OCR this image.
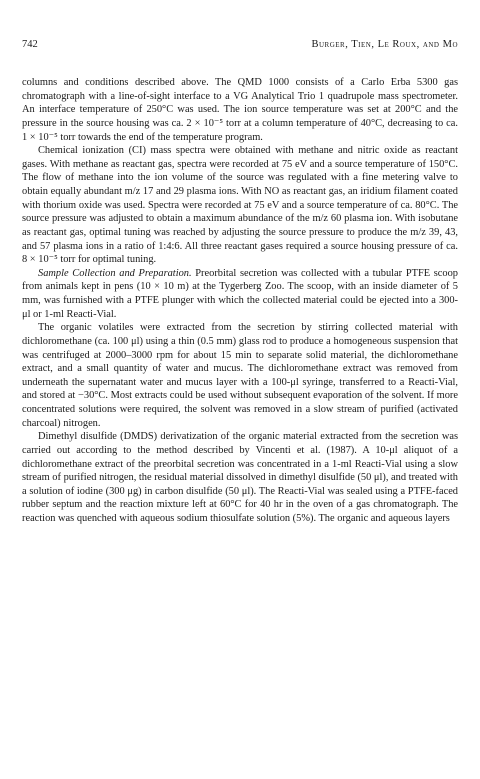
742	Burger, Tien, Le Roux, and Mo

columns and conditions described above. The QMD 1000 consists of a Carlo Erba 5300 gas chromatograph with a line-of-sight interface to a VG Analytical Trio 1 quadrupole mass spectrometer. An interface temperature of 250°C was used. The ion source temperature was set at 200°C and the pressure in the source housing was ca. 2 × 10⁻⁵ torr at a column temperature of 40°C, decreasing to ca. 1 × 10⁻⁵ torr towards the end of the temperature program.

Chemical ionization (CI) mass spectra were obtained with methane and nitric oxide as reactant gases. With methane as reactant gas, spectra were recorded at 75 eV and a source temperature of 150°C. The flow of methane into the ion volume of the source was regulated with a fine metering valve to obtain equally abundant m/z 17 and 29 plasma ions. With NO as reactant gas, an iridium filament coated with thorium oxide was used. Spectra were recorded at 75 eV and a source temperature of ca. 80°C. The source pressure was adjusted to obtain a maximum abundance of the m/z 60 plasma ion. With isobutane as reactant gas, optimal tuning was reached by adjusting the source pressure to produce the m/z 39, 43, and 57 plasma ions in a ratio of 1:4:6. All three reactant gases required a source housing pressure of ca. 8 × 10⁻⁵ torr for optimal tuning.

Sample Collection and Preparation. Preorbital secretion was collected with a tubular PTFE scoop from animals kept in pens (10 × 10 m) at the Tygerberg Zoo. The scoop, with an inside diameter of 5 mm, was furnished with a PTFE plunger with which the collected material could be ejected into a 300-μl or 1-ml Reacti-Vial.

The organic volatiles were extracted from the secretion by stirring collected material with dichloromethane (ca. 100 μl) using a thin (0.5 mm) glass rod to produce a homogeneous suspension that was centrifuged at 2000–3000 rpm for about 15 min to separate solid material, the dichloromethane extract, and a small quantity of water and mucus. The dichloromethane extract was removed from underneath the supernatant water and mucus layer with a 100-μl syringe, transferred to a Reacti-Vial, and stored at −30°C. Most extracts could be used without subsequent evaporation of the solvent. If more concentrated solutions were required, the solvent was removed in a slow stream of purified (activated charcoal) nitrogen.

Dimethyl disulfide (DMDS) derivatization of the organic material extracted from the secretion was carried out according to the method described by Vincenti et al. (1987). A 10-μl aliquot of a dichloromethane extract of the preorbital secretion was concentrated in a 1-ml Reacti-Vial using a slow stream of purified nitrogen, the residual material dissolved in dimethyl disulfide (50 μl), and treated with a solution of iodine (300 μg) in carbon disulfide (50 μl). The Reacti-Vial was sealed using a PTFE-faced rubber septum and the reaction mixture left at 60°C for 40 hr in the oven of a gas chromatograph. The reaction was quenched with aqueous sodium thiosulfate solution (5%). The organic and aqueous layers
